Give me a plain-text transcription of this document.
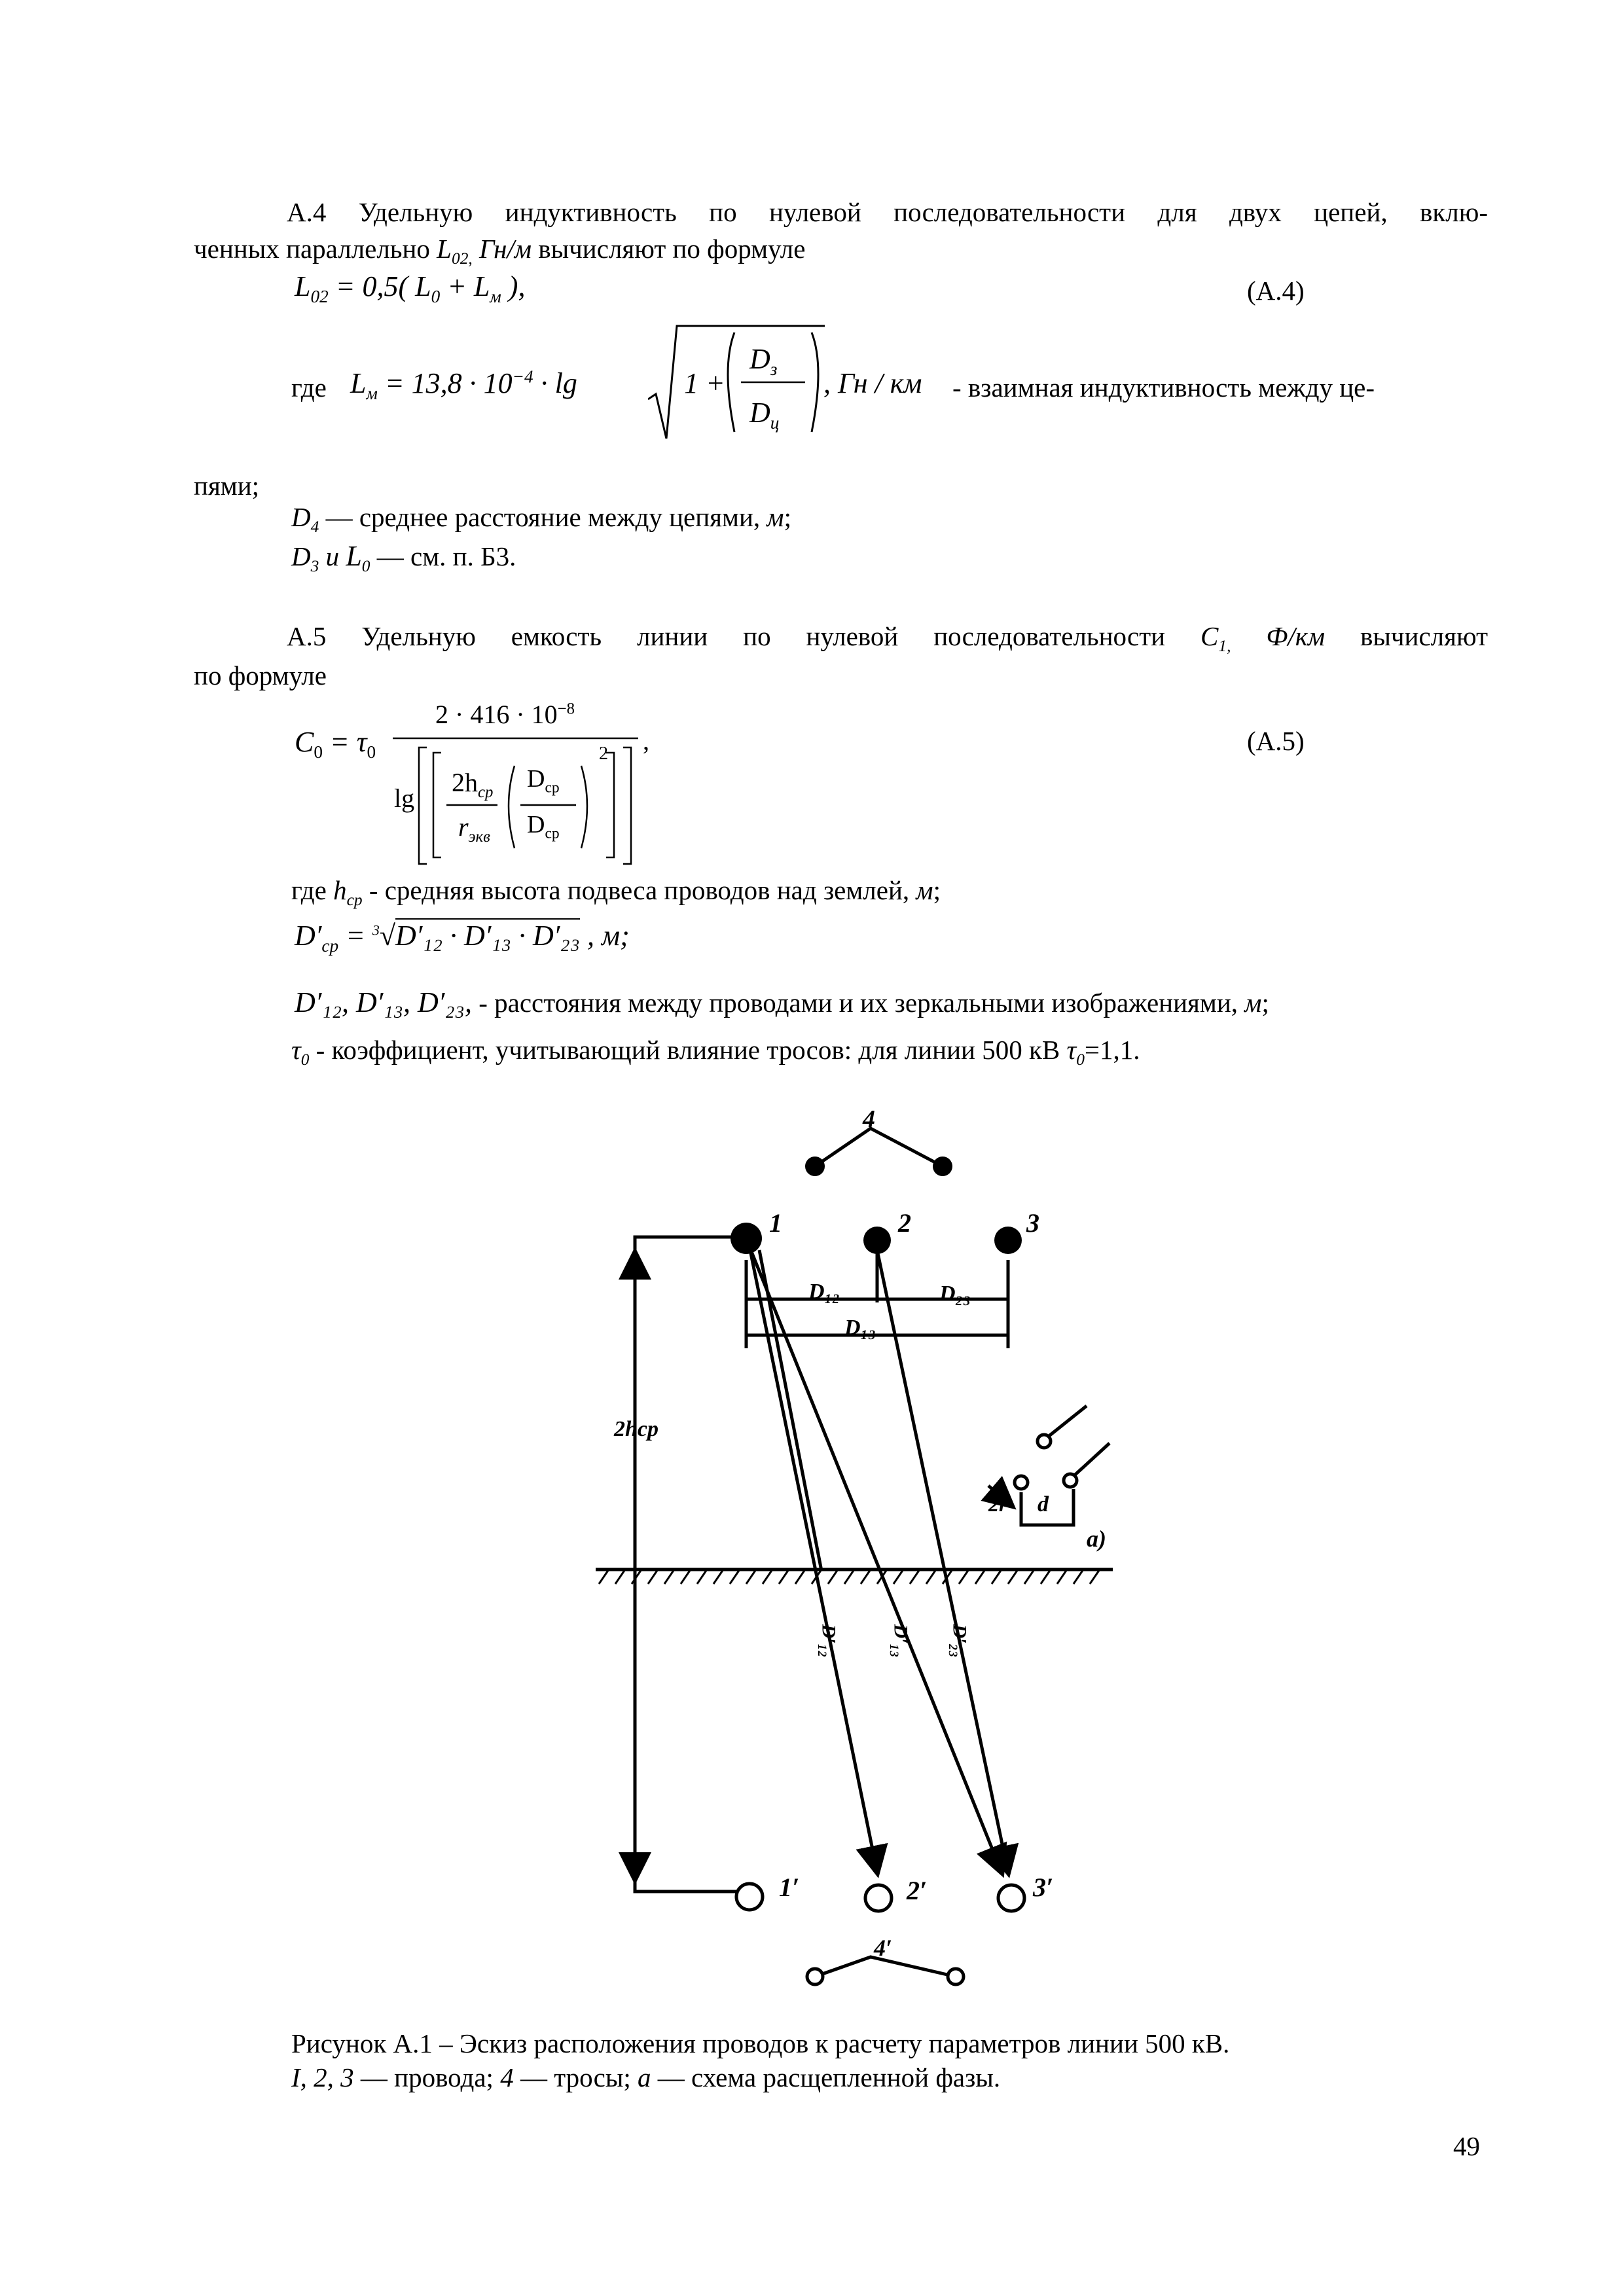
А.4 Удельную индуктивность по нулевой последовательности для двух цепей, вклю-
ченных параллельно $L_{02,}$ Гн/м вычисляют по формуле
$L_{02} = 0,5$( $L_0 + L_м$ ),	(А.4)
где $L_м = 13,8 \cdot 10^{-4} \cdot \lg$	1 +
$D_з$
$D_ц$
, Гн / км - взаимная индуктивность между це-
пями;
$D_4$ — среднее расстояние между цепями, м;
$D_3$ и $L_0$ — см. п. Б3.
А.5 Удельную емкость линии по нулевой последовательности $C_{1,}$ Ф/км вычисляют
по формуле
$C_0 = \tau_0$
$2 \cdot 416 \cdot 10^{-8}$
lg
$2h_{ср}$
$r_{экв}$
$D_{ср}$
$D_{ср}$
2 ,	(А.5)
где $h_{ср}$ - средняя высота подвеса проводов над землей, м;
$D'_{ср} = ^3√D'_{12} \cdot D'_{13} \cdot D'_{23}$ , м;
D′₁₂, D′₁₃, D′₂₃, - расстояния между проводами и их зеркальными изображениями, м;
$\tau_0$ - коэффициент, учитывающий влияние тросов: для линии 500 кВ $\tau_0=1,1$.
4
1	2	3
D₁₂	D₂₃
D₁₃
2hср
2r d
а)
D′₁₂	D′₁₃ D′₂₃
1′	2′	3′
4′
Рисунок А.1 – Эскиз расположения проводов к расчету параметров линии 500 кВ.
I, 2, 3 — провода; 4 — тросы; а — схема расщепленной фазы.
49
